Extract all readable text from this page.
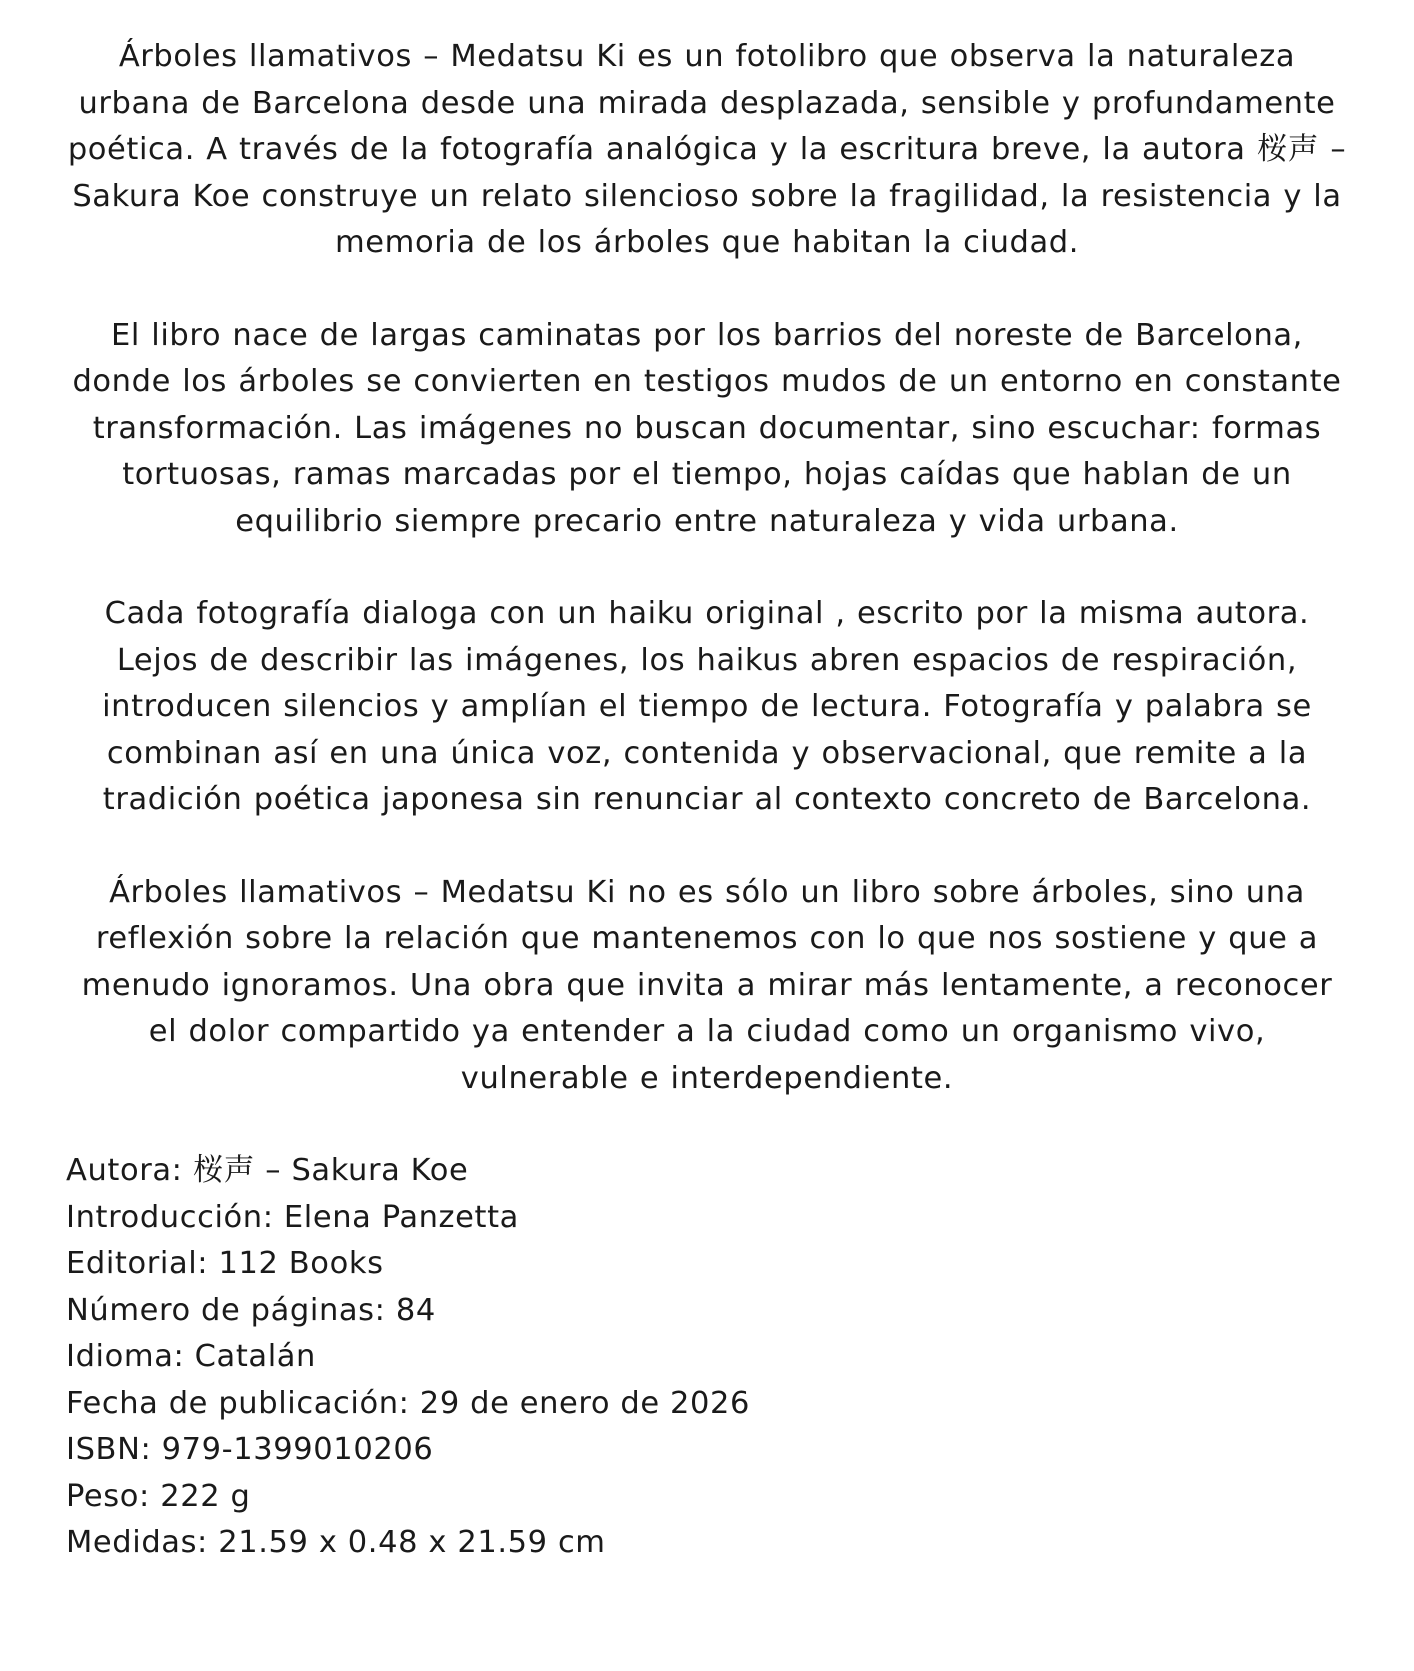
Árboles llamativos – Medatsu Ki es un fotolibro que observa la naturaleza urbana de Barcelona desde una mirada desplazada, sensible y profundamente poética. A través de la fotografía analógica y la escritura breve, la autora 桜声 – Sakura Koe construye un relato silencioso sobre la fragilidad, la resistencia y la memoria de los árboles que habitan la ciudad.

El libro nace de largas caminatas por los barrios del noreste de Barcelona, donde los árboles se convierten en testigos mudos de un entorno en constante transformación. Las imágenes no buscan documentar, sino escuchar: formas tortuosas, ramas marcadas por el tiempo, hojas caídas que hablan de un equilibrio siempre precario entre naturaleza y vida urbana.

Cada fotografía dialoga con un haiku original , escrito por la misma autora. Lejos de describir las imágenes, los haikus abren espacios de respiración, introducen silencios y amplían el tiempo de lectura. Fotografía y palabra se combinan así en una única voz, contenida y observacional, que remite a la tradición poética japonesa sin renunciar al contexto concreto de Barcelona.

Árboles llamativos – Medatsu Ki no es sólo un libro sobre árboles, sino una reflexión sobre la relación que mantenemos con lo que nos sostiene y que a menudo ignoramos. Una obra que invita a mirar más lentamente, a reconocer el dolor compartido ya entender a la ciudad como un organismo vivo, vulnerable e interdependiente.

Autora: 桜声 – Sakura Koe
Introducción: Elena Panzetta
Editorial: 112 Books
Número de páginas: 84
Idioma: Catalán
Fecha de publicación: 29 de enero de 2026
ISBN: 979-1399010206
Peso: 222 g
Medidas: 21.59 x 0.48 x 21.59 cm
